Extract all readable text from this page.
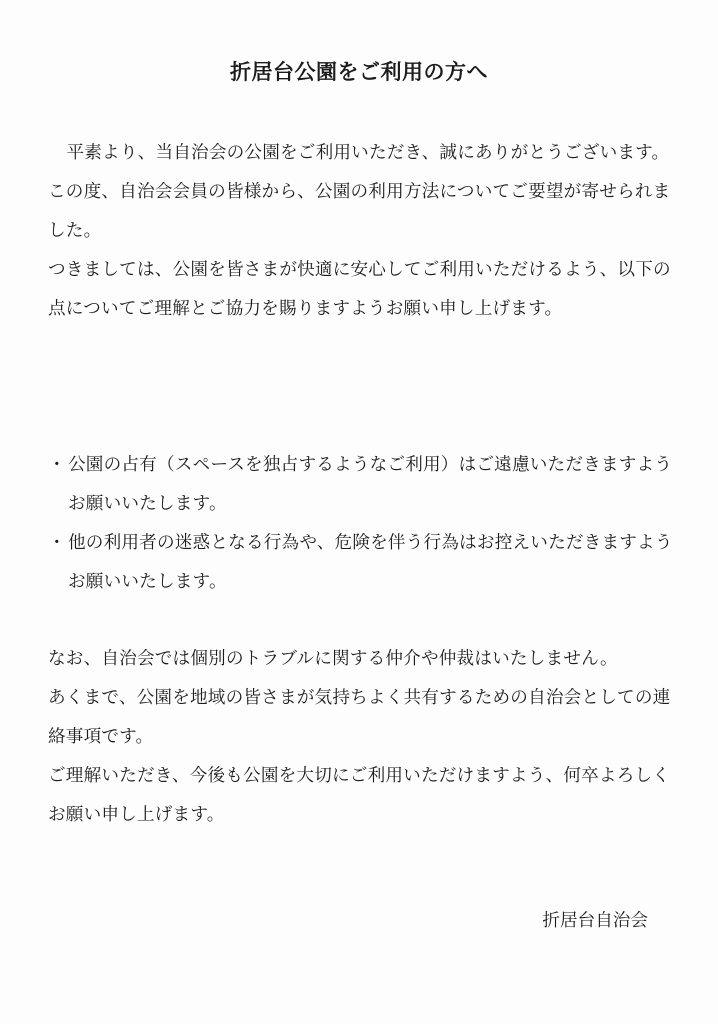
折居台公園をご利用の方へ

平素より、当自治会の公園をご利用いただき、誠にありがとうございます。

この度、自治会会員の皆様から、公園の利用方法についてご要望が寄せられました。

つきましては、公園を皆さまが快適に安心してご利用いただけるよう、以下の点についてご理解とご協力を賜りますようお願い申し上げます。

・ 公園の占有（スペースを独占するようなご利用）はご遠慮いただきますようお願いいたします。
・ 他の利用者の迷惑となる行為や、危険を伴う行為はお控えいただきますようお願いいたします。

なお、自治会では個別のトラブルに関する仲介や仲裁はいたしません。

あくまで、公園を地域の皆さまが気持ちよく共有するための自治会としての連絡事項です。

ご理解いただき、今後も公園を大切にご利用いただけますよう、何卒よろしくお願い申し上げます。

折居台自治会
